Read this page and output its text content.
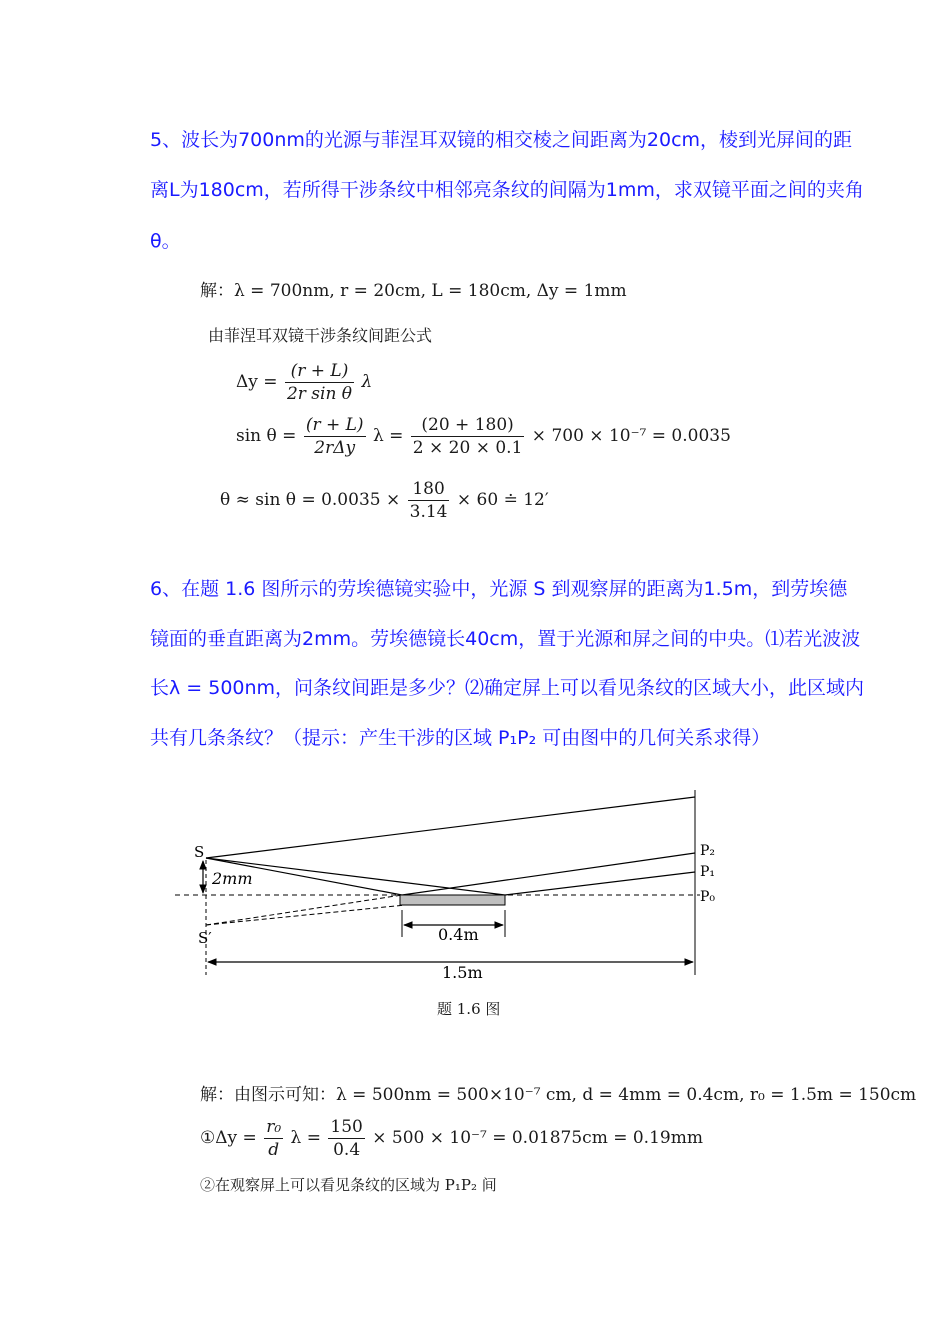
5、波长为700nm的光源与菲涅耳双镜的相交棱之间距离为20cm，棱到光屏间的距
离L为180cm，若所得干涉条纹中相邻亮条纹的间隔为1mm，求双镜平面之间的夹角
θ。
解：λ = 700nm, r = 20cm, L = 180cm, Δy = 1mm
由菲涅耳双镜干涉条纹间距公式
$\Delta y = \frac{(r + L)}{\text{2r sin θ}}$ λ
$\sin \theta = \frac{(r + L)}{\text{2rΔy}}$ $\lambda = \frac{(20 + 180)}{2 \times 20 \times 0.1} \times 700 \times 10^{-7} = 0.0035$
$\theta \approx \sin \theta = 0.0035 \times \frac{180}{3.14} \times 60$ ≐ 12′
6、在题 1.6 图所示的劳埃德镜实验中，光源 S 到观察屏的距离为1.5m，到劳埃德
镜面的垂直距离为2mm。劳埃德镜长40cm，置于光源和屏之间的中央。⑴若光波波
长λ = 500nm，问条纹间距是多少？⑵确定屏上可以看见条纹的区域大小，此区域内
共有几条条纹？（提示：产生干涉的区域 P₁P₂ 可由图中的几何关系求得）
S
S′
2mm
P₂
P₁
P₀
0.4m
1.5m
题 1.6 图
解：由图示可知：λ = 500nm = 500×10⁻⁷ cm, d = 4mm = 0.4cm, r₀ = 1.5m = 150cm
①Δy = $\frac{\text{r₀}}{d}$ $\lambda = \frac{150}{0.4} \times 500 \times 10^{-7} = 0.01875cm = 0.19mm$
②在观察屏上可以看见条纹的区域为 P₁P₂ 间
